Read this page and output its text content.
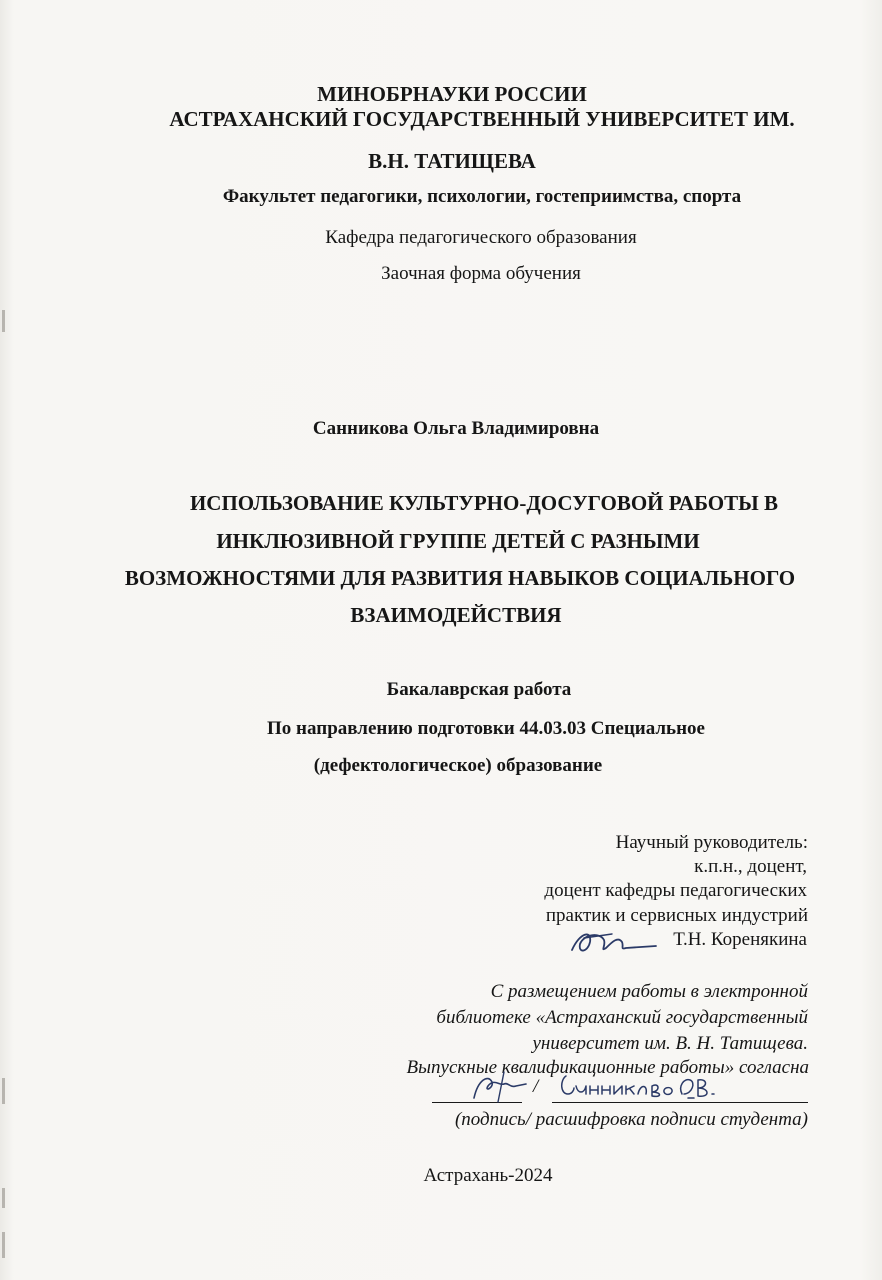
МИНОБРНАУКИ РОССИИ
АСТРАХАНСКИЙ ГОСУДАРСТВЕННЫЙ УНИВЕРСИТЕТ ИМ.
В.Н. ТАТИЩЕВА
Факультет педагогики, психологии, гостеприимства, спорта
Кафедра педагогического образования
Заочная форма обучения
Санникова Ольга Владимировна
ИСПОЛЬЗОВАНИЕ КУЛЬТУРНО-ДОСУГОВОЙ РАБОТЫ В
ИНКЛЮЗИВНОЙ ГРУППЕ ДЕТЕЙ С РАЗНЫМИ
ВОЗМОЖНОСТЯМИ ДЛЯ РАЗВИТИЯ НАВЫКОВ СОЦИАЛЬНОГО
ВЗАИМОДЕЙСТВИЯ
Бакалаврская работа
По направлению подготовки 44.03.03 Специальное
(дефектологическое) образование
Научный руководитель:
к.п.н., доцент,
доцент кафедры педагогических
практик и сервисных индустрий
Т.Н. Коренякина
С размещением работы в электронной
библиотеке «Астраханский государственный
университет им. В. Н. Татищева.
Выпускные квалификационные работы» согласна
/
(подпись/ расшифровка подписи студента)
Астрахань-2024
